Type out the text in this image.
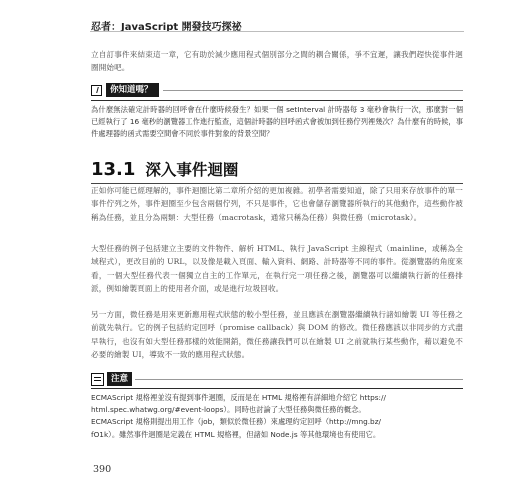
忍者：JavaScript 開發技巧探祕

立自訂事件來結束這一章，它有助於減少應用程式個別部分之間的耦合關係，爭不宜遲，讓我們趕快從事件迴圈開始吧。

你知道嗎？

為什麼無法確定計時器的回呼會在什麼時候發生？如果一個 setInterval 計時器每 3 毫秒會執行一次，那麼對一個已經執行了 16 毫秒的瀏覽器工作進行監查，這個計時器的回呼函式會被加到任務佇列裡幾次？為什麼有的時候，事件處理器的函式需要空間會不同於事件對象的背景空間？

13.1 深入事件迴圈

正如你可能已經理解的，事件迴圈比第二章所介紹的更加複雜。初學者需要知道，除了只用來存放事件的單一事件佇列之外，事件迴圈至少包含兩個佇列，不只是事件，它也會儲存瀏覽器所執行的其他動作，這些動作被稱為任務，並且分為兩類：大型任務（macrotask，通常只稱為任務）與微任務（microtask）。

大型任務的例子包括建立主要的文件物件、解析 HTML、執行 JavaScript 主線程式（mainline，或稱為全域程式），更改目前的 URL，以及像是載入頁面、輸入資料、網路、計時器等不同的事件。從瀏覽器的角度來看，一個大型任務代表一個獨立自主的工作單元，在執行完一項任務之後，瀏覽器可以繼續執行新的任務排派，例如繪製頁面上的使用者介面，或是進行垃圾回收。

另一方面，微任務是用來更新應用程式狀態的較小型任務，並且應該在瀏覽器繼續執行諸如繪製 UI 等任務之前就先執行。它的例子包括約定回呼（promise callback）與 DOM 的修改。微任務應該以非同步的方式盡早執行，也沒有如大型任務那樣的效能開銷，微任務讓我們可以在繪製 UI 之前就執行某些動作，藉以避免不必要的繪製 UI，導致不一致的應用程式狀態。

注意
ECMAScript 規格裡並沒有提到事件迴圈，反而是在 HTML 規格裡有詳細地介紹它 https://
html.spec.whatwg.org/#event-loops）。同時也討論了大型任務與微任務的概念。
ECMAScript 規格則提出用工作（job，類似於微任務）來處理約定回呼（http://mng.bz/
fO1k）。雖然事件迴圈是定義在 HTML 規格裡，但諸如 Node.js 等其他環境也有使用它。
390
